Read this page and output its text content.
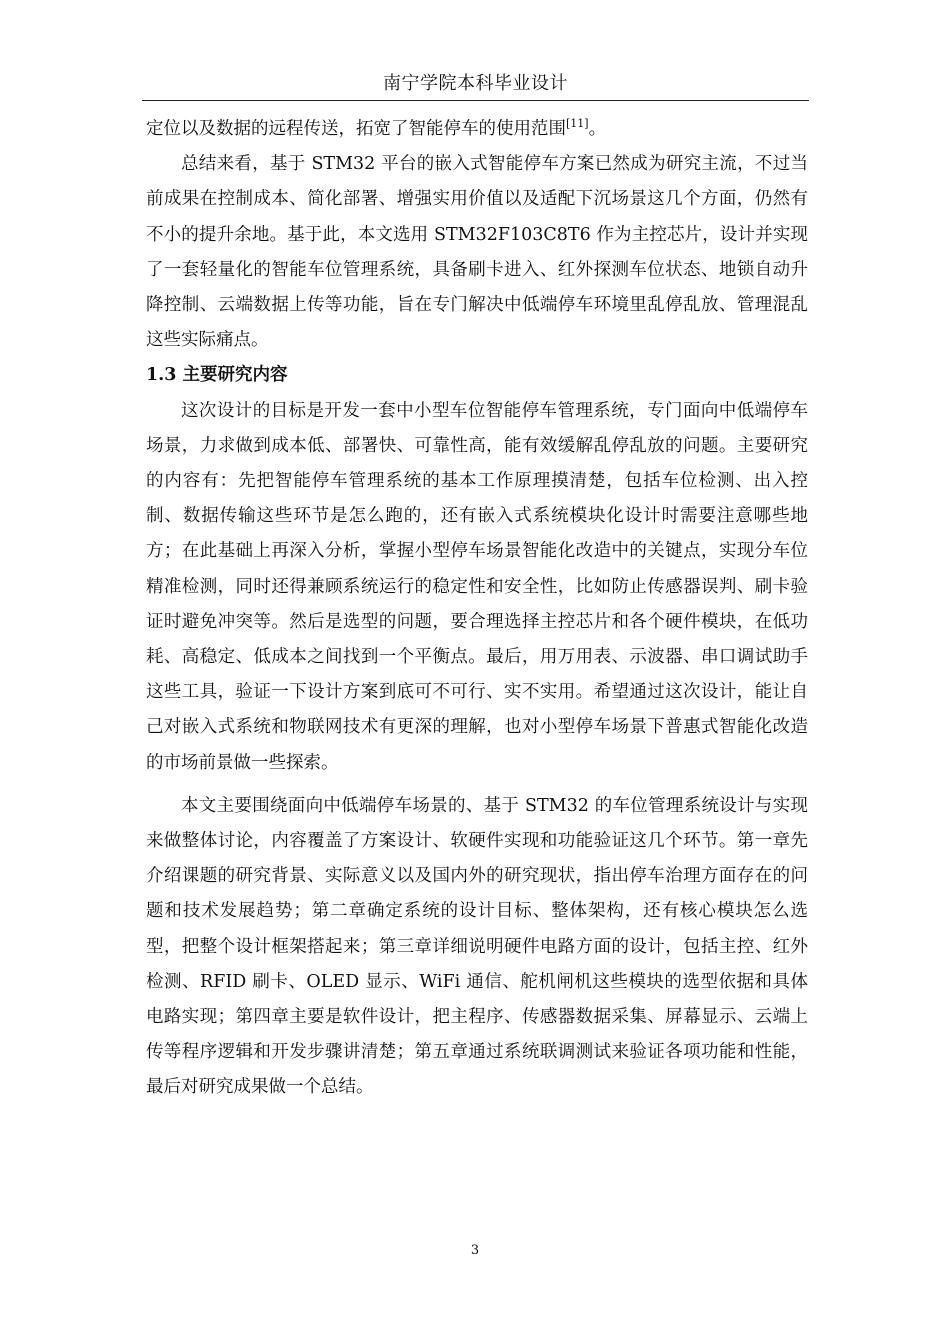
南宁学院本科毕业设计

定位以及数据的远程传送，拓宽了智能停车的使用范围[11]。

总结来看，基于 STM32 平台的嵌入式智能停车方案已然成为研究主流，不过当前成果在控制成本、简化部署、增强实用价值以及适配下沉场景这几个方面，仍然有不小的提升余地。基于此，本文选用 STM32F103C8T6 作为主控芯片，设计并实现了一套轻量化的智能车位管理系统，具备刷卡进入、红外探测车位状态、地锁自动升降控制、云端数据上传等功能，旨在专门解决中低端停车环境里乱停乱放、管理混乱这些实际痛点。

1.3 主要研究内容

这次设计的目标是开发一套中小型车位智能停车管理系统，专门面向中低端停车场景，力求做到成本低、部署快、可靠性高，能有效缓解乱停乱放的问题。主要研究的内容有：先把智能停车管理系统的基本工作原理摸清楚，包括车位检测、出入控制、数据传输这些环节是怎么跑的，还有嵌入式系统模块化设计时需要注意哪些地方；在此基础上再深入分析，掌握小型停车场景智能化改造中的关键点，实现分车位精准检测，同时还得兼顾系统运行的稳定性和安全性，比如防止传感器误判、刷卡验证时避免冲突等。然后是选型的问题，要合理选择主控芯片和各个硬件模块，在低功耗、高稳定、低成本之间找到一个平衡点。最后，用万用表、示波器、串口调试助手这些工具，验证一下设计方案到底可不可行、实不实用。希望通过这次设计，能让自己对嵌入式系统和物联网技术有更深的理解，也对小型停车场景下普惠式智能化改造的市场前景做一些探索。

本文主要围绕面向中低端停车场景的、基于 STM32 的车位管理系统设计与实现来做整体讨论，内容覆盖了方案设计、软硬件实现和功能验证这几个环节。第一章先介绍课题的研究背景、实际意义以及国内外的研究现状，指出停车治理方面存在的问题和技术发展趋势；第二章确定系统的设计目标、整体架构，还有核心模块怎么选型，把整个设计框架搭起来；第三章详细说明硬件电路方面的设计，包括主控、红外检测、RFID 刷卡、OLED 显示、WiFi 通信、舵机闸机这些模块的选型依据和具体电路实现；第四章主要是软件设计，把主程序、传感器数据采集、屏幕显示、云端上传等程序逻辑和开发步骤讲清楚；第五章通过系统联调测试来验证各项功能和性能，最后对研究成果做一个总结。

3
